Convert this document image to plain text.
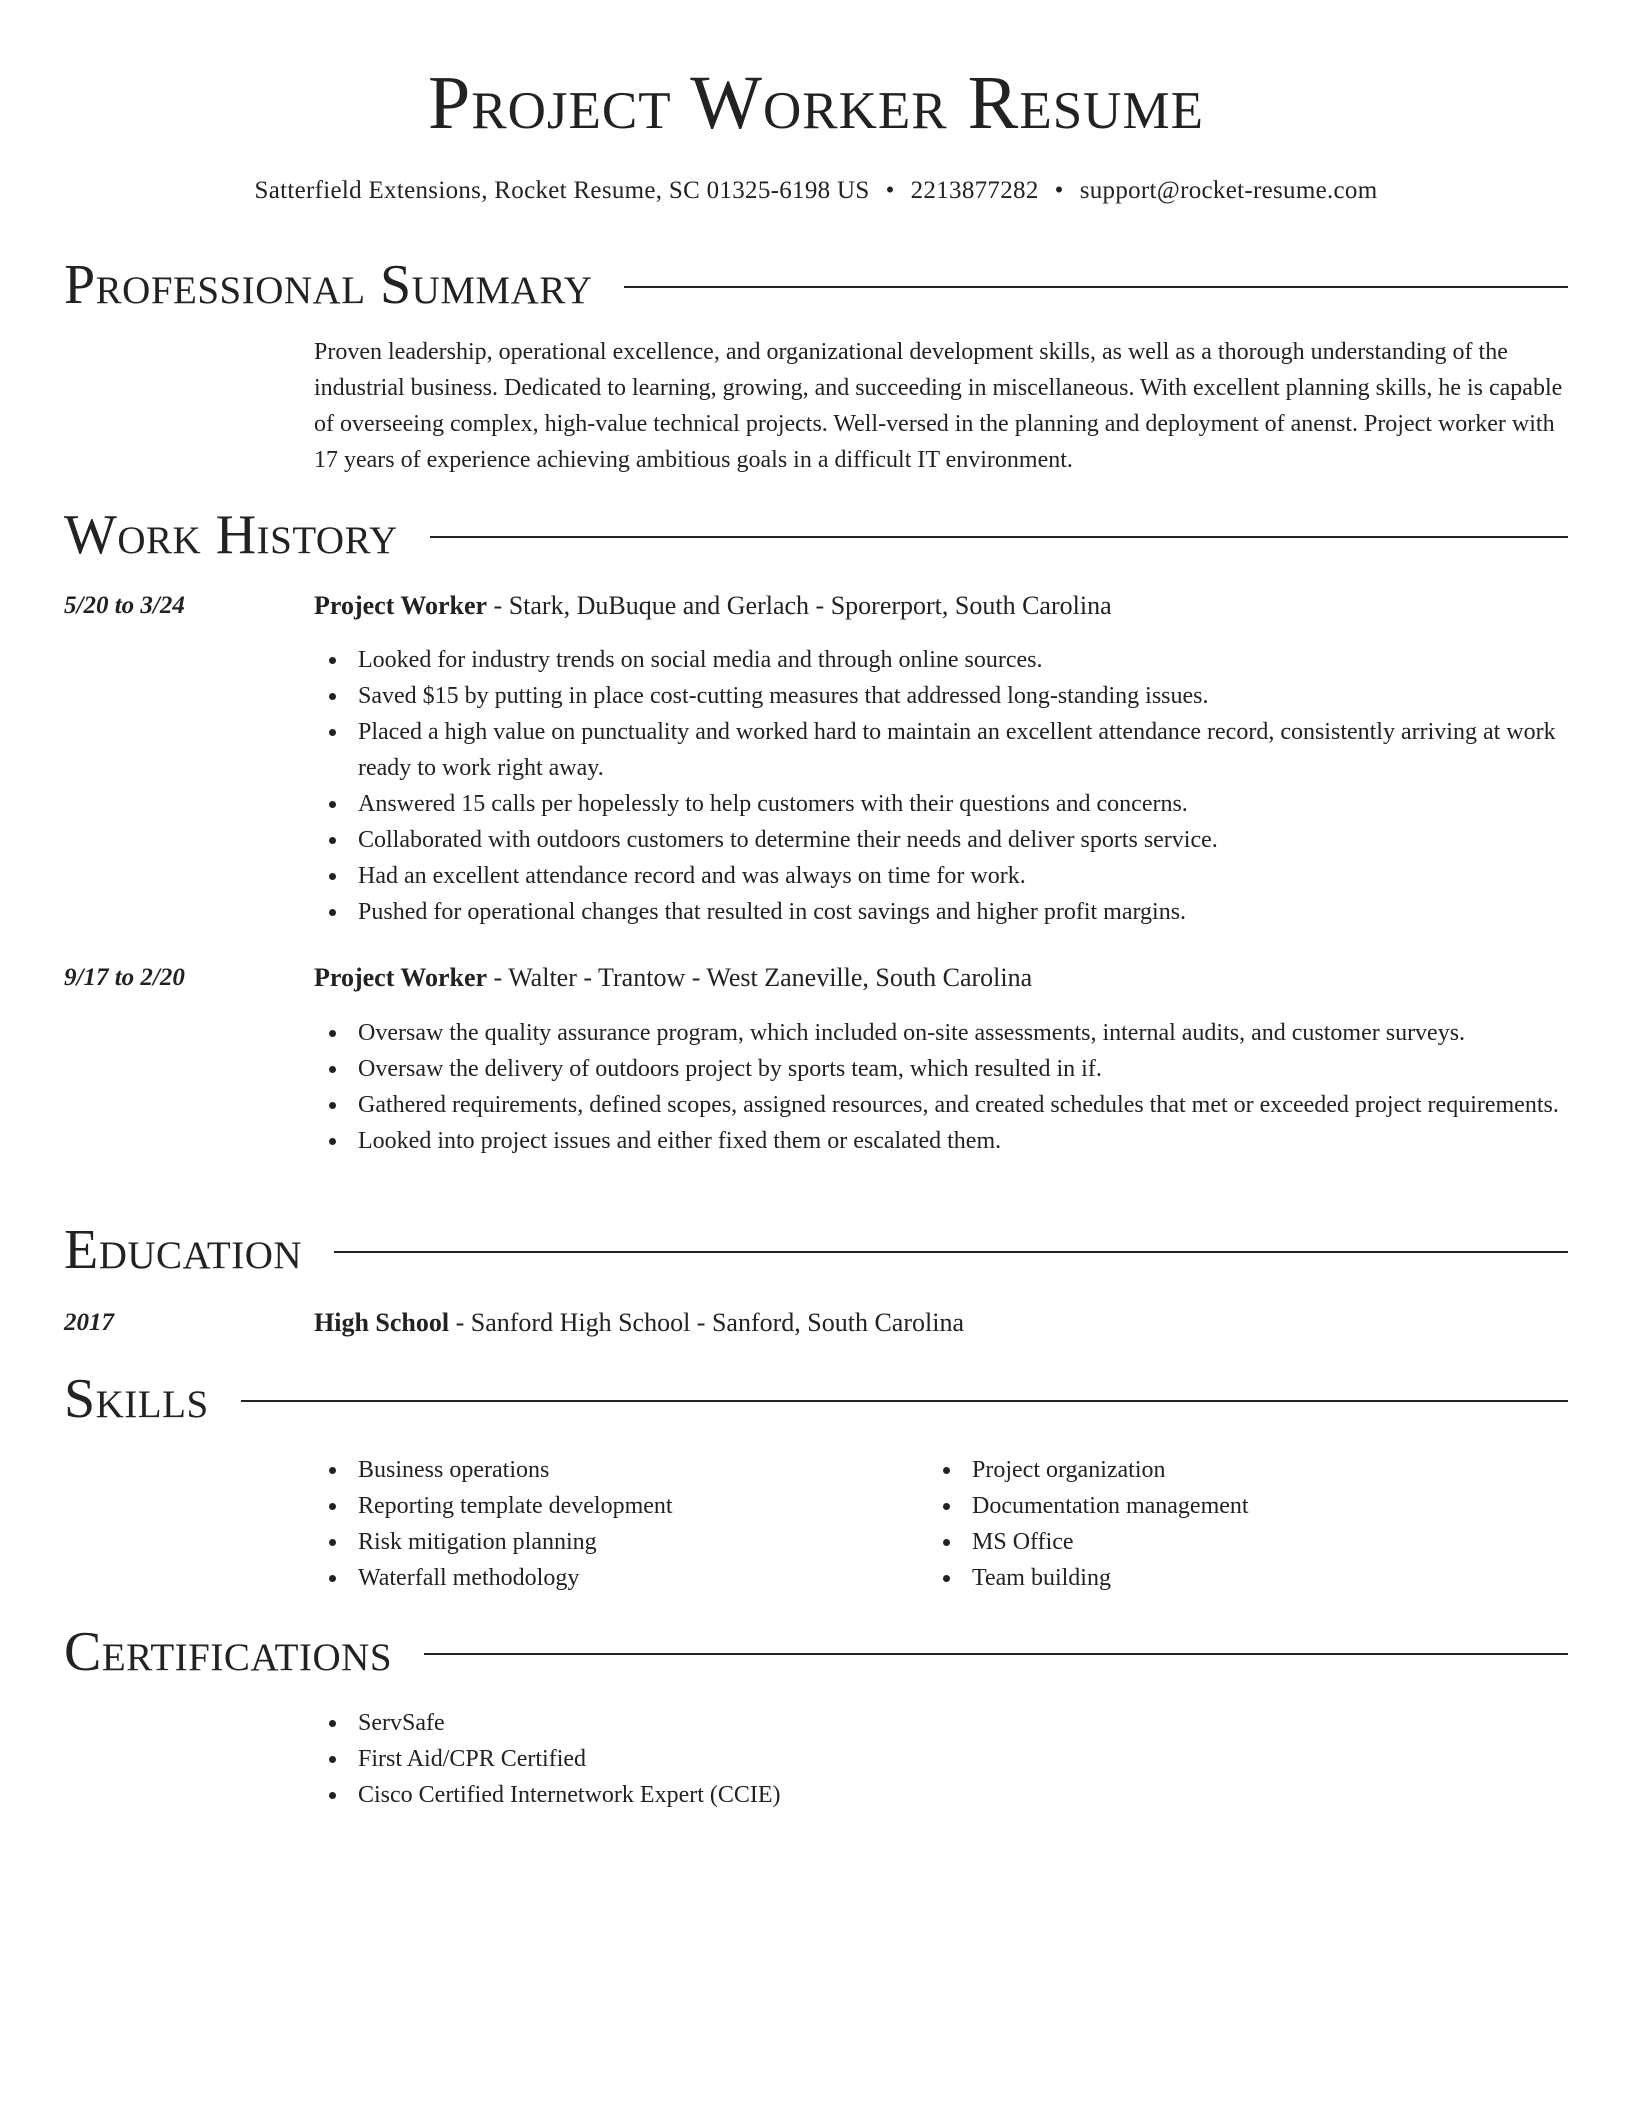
Project Worker Resume
Satterfield Extensions, Rocket Resume, SC 01325-6198 US • 2213877282 • support@rocket-resume.com
Professional Summary
Proven leadership, operational excellence, and organizational development skills, as well as a thorough understanding of the industrial business. Dedicated to learning, growing, and succeeding in miscellaneous. With excellent planning skills, he is capable of overseeing complex, high-value technical projects. Well-versed in the planning and deployment of anenst. Project worker with 17 years of experience achieving ambitious goals in a difficult IT environment.
Work History
5/20 to 3/24	Project Worker - Stark, DuBuque and Gerlach - Sporerport, South Carolina
Looked for industry trends on social media and through online sources.
Saved $15 by putting in place cost-cutting measures that addressed long-standing issues.
Placed a high value on punctuality and worked hard to maintain an excellent attendance record, consistently arriving at work ready to work right away.
Answered 15 calls per hopelessly to help customers with their questions and concerns.
Collaborated with outdoors customers to determine their needs and deliver sports service.
Had an excellent attendance record and was always on time for work.
Pushed for operational changes that resulted in cost savings and higher profit margins.
9/17 to 2/20	Project Worker - Walter - Trantow - West Zaneville, South Carolina
Oversaw the quality assurance program, which included on-site assessments, internal audits, and customer surveys.
Oversaw the delivery of outdoors project by sports team, which resulted in if.
Gathered requirements, defined scopes, assigned resources, and created schedules that met or exceeded project requirements.
Looked into project issues and either fixed them or escalated them.
Education
2017	High School - Sanford High School - Sanford, South Carolina
Skills
Business operations
Reporting template development
Risk mitigation planning
Waterfall methodology
Project organization
Documentation management
MS Office
Team building
Certifications
ServSafe
First Aid/CPR Certified
Cisco Certified Internetwork Expert (CCIE)
